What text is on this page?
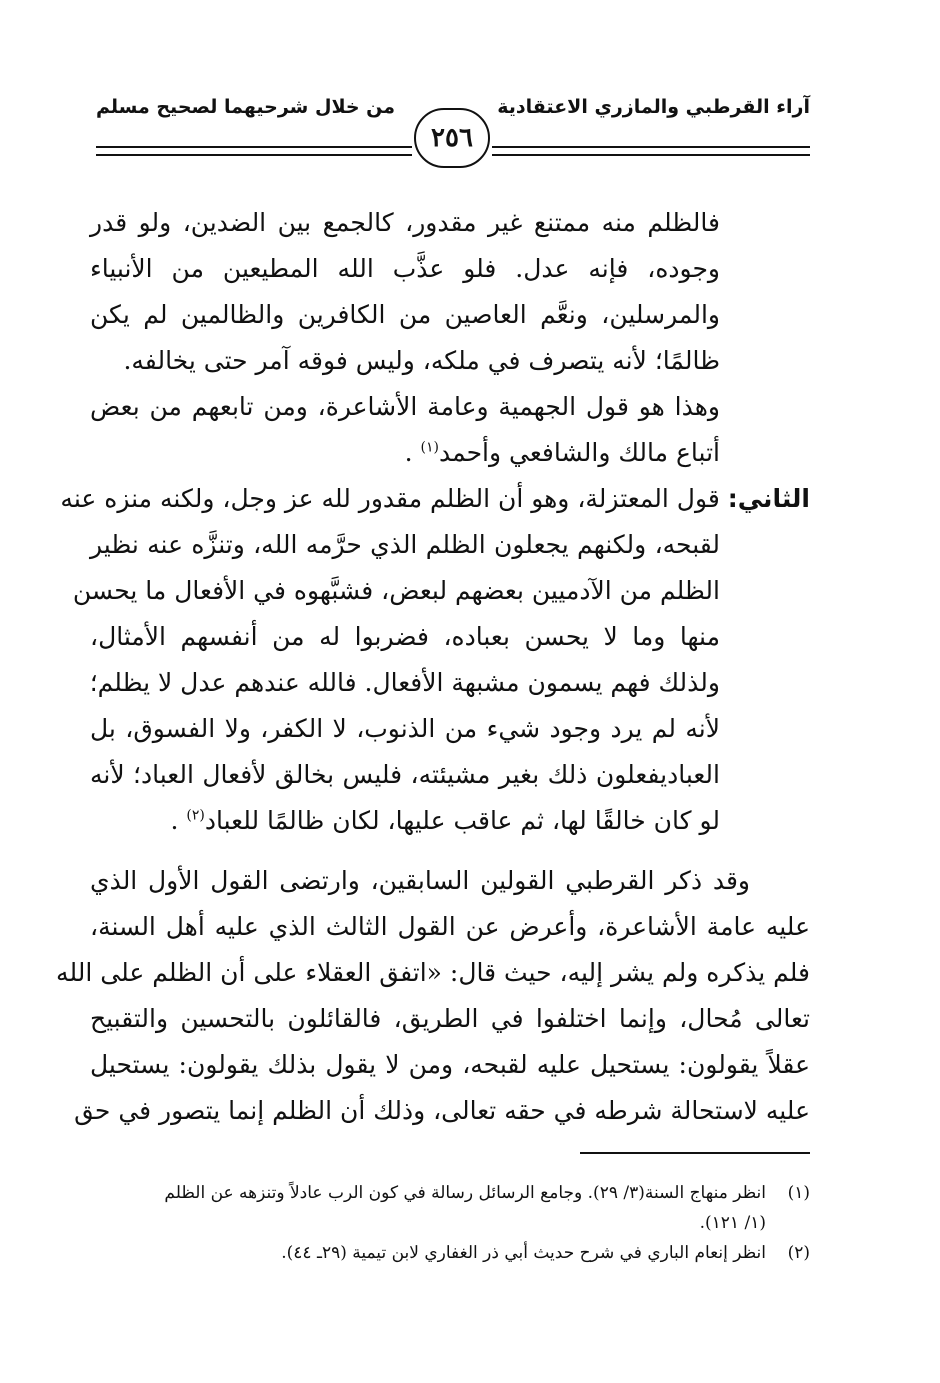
آراء القرطبي والمازري الاعتقادية
من خلال شرحيهما لصحيح مسلم
٢٥٦
فالظلم منه ممتنع غير مقدور، كالجمع بين الضدين، ولو قدر
وجوده، فإنه عدل. فلو عذَّب الله المطيعين من الأنبياء
والمرسلين، ونعَّم العاصين من الكافرين والظالمين لم يكن
ظالمًا؛ لأنه يتصرف في ملكه، وليس فوقه آمر حتى يخالفه.
وهذا هو قول الجهمية وعامة الأشاعرة، ومن تابعهم من بعض
أتباع مالك والشافعي وأحمد$^{(١)}$ .
الثاني: قول المعتزلة، وهو أن الظلم مقدور لله عز وجل، ولكنه منزه عنه
لقبحه، ولكنهم يجعلون الظلم الذي حرَّمه الله، وتنزَّه عنه نظير
الظلم من الآدميين بعضهم لبعض، فشبَّهوه في الأفعال ما يحسن
منها وما لا يحسن بعباده، فضربوا له من أنفسهم الأمثال،
ولذلك فهم يسمون مشبهة الأفعال. فالله عندهم عدل لا يظلم؛
لأنه لم يرد وجود شيء من الذنوب، لا الكفر، ولا الفسوق، بل
العباديفعلون ذلك بغير مشيئته، فليس بخالق لأفعال العباد؛ لأنه
لو كان خالقًا لها، ثم عاقب عليها، لكان ظالمًا للعباد$^{(٢)}$ .
وقد ذكر القرطبي القولين السابقين، وارتضى القول الأول الذي
عليه عامة الأشاعرة، وأعرض عن القول الثالث الذي عليه أهل السنة،
فلم يذكره ولم يشر إليه، حيث قال: «اتفق العقلاء على أن الظلم على الله
تعالى مُحال، وإنما اختلفوا في الطريق، فالقائلون بالتحسين والتقبيح
عقلاً يقولون: يستحيل عليه لقبحه، ومن لا يقول بذلك يقولون: يستحيل
عليه لاستحالة شرطه في حقه تعالى، وذلك أن الظلم إنما يتصور في حق
(١)انظر منهاج السنة(٣/ ٢٩). وجامع الرسائل رسالة في كون الرب عادلاً وتنزهه عن الظلم
(١/ ١٢١).
(٢)انظر إنعام الباري في شرح حديث أبي ذر الغفاري لابن تيمية (٢٩ـ ٤٤).
